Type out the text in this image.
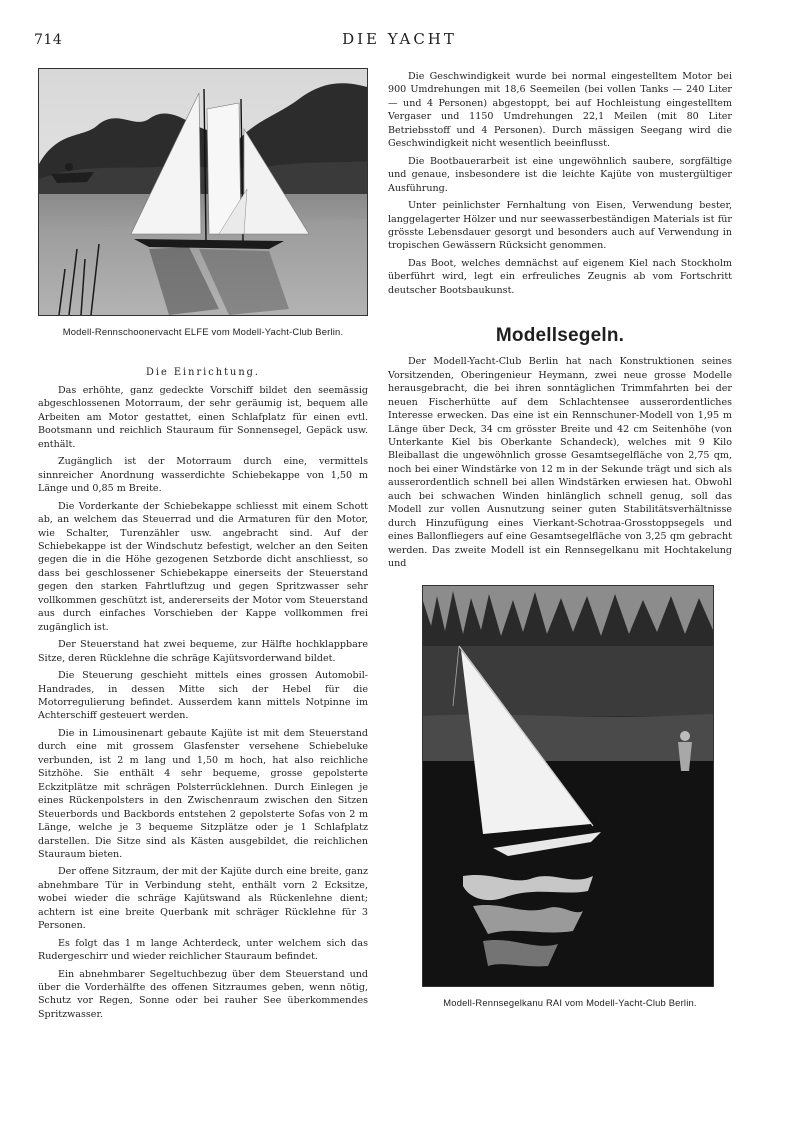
714	DIE YACHT
Modell-Rennschoonervacht ELFE vom Modell-Yacht-Club Berlin.
Die Einrichtung.

Das erhöhte, ganz gedeckte Vorschiff bildet den seemässig abgeschlossenen Motorraum, der sehr geräumig ist, bequem alle Arbeiten am Motor gestattet, einen Schlafplatz für einen evtl. Bootsmann und reichlich Stauraum für Sonnensegel, Gepäck usw. enthält.

Zugänglich ist der Motorraum durch eine, vermittels sinnreicher Anordnung wasserdichte Schiebekappe von 1,50 m Länge und 0,85 m Breite.

Die Vorderkante der Schiebekappe schliesst mit einem Schott ab, an welchem das Steuerrad und die Armaturen für den Motor, wie Schalter, Turenzähler usw. angebracht sind. Auf der Schiebekappe ist der Windschutz befestigt, welcher an den Seiten gegen die in die Höhe gezogenen Setzborde dicht anschliesst, so dass bei geschlossener Schiebekappe einerseits der Steuerstand gegen den starken Fahrtluftzug und gegen Spritzwasser sehr vollkommen geschützt ist, andererseits der Motor vom Steuerstand aus durch einfaches Vorschieben der Kappe vollkommen frei zugänglich ist.

Der Steuerstand hat zwei bequeme, zur Hälfte hochklappbare Sitze, deren Rücklehne die schräge Kajütsvorderwand bildet.

Die Steuerung geschieht mittels eines grossen Automobil-Handrades, in dessen Mitte sich der Hebel für die Motorregulierung befindet. Ausserdem kann mittels Notpinne im Achterschiff gesteuert werden.

Die in Limousinenart gebaute Kajüte ist mit dem Steuerstand durch eine mit grossem Glasfenster versehene Schiebeluke verbunden, ist 2 m lang und 1,50 m hoch, hat also reichliche Sitzhöhe. Sie enthält 4 sehr bequeme, grosse gepolsterte Eckzitplätze mit schrägen Polsterrücklehnen. Durch Einlegen je eines Rückenpolsters in den Zwischenraum zwischen den Sitzen Steuerbords und Backbords entstehen 2 gepolsterte Sofas von 2 m Länge, welche je 3 bequeme Sitzplätze oder je 1 Schlafplatz darstellen. Die Sitze sind als Kästen ausgebildet, die reichlichen Stauraum bieten.

Der offene Sitzraum, der mit der Kajüte durch eine breite, ganz abnehmbare Tür in Verbindung steht, enthält vorn 2 Ecksitze, wobei wieder die schräge Kajütswand als Rückenlehne dient; achtern ist eine breite Querbank mit schräger Rücklehne für 3 Personen.

Es folgt das 1 m lange Achterdeck, unter welchem sich das Rudergeschirr und wieder reichlicher Stauraum befindet.

Ein abnehmbarer Segeltuchbezug über dem Steuerstand und über die Vorderhälfte des offenen Sitzraumes geben, wenn nötig, Schutz vor Regen, Sonne oder bei rauher See überkommendes Spritzwasser.

Die Geschwindigkeit wurde bei normal eingestelltem Motor bei 900 Umdrehungen mit 18,6 Seemeilen (bei vollen Tanks — 240 Liter — und 4 Personen) abgestoppt, bei auf Hochleistung eingestelltem Vergaser und 1150 Umdrehungen 22,1 Meilen (mit 80 Liter Betriebsstoff und 4 Personen). Durch mässigen Seegang wird die Geschwindigkeit nicht wesentlich beeinflusst.

Die Bootbauerarbeit ist eine ungewöhnlich saubere, sorgfältige und genaue, insbesondere ist die leichte Kajüte von mustergültiger Ausführung.

Unter peinlichster Fernhaltung von Eisen, Verwendung bester, langgelagerter Hölzer und nur seewasserbeständigen Materials ist für grösste Lebensdauer gesorgt und besonders auch auf Verwendung in tropischen Gewässern Rücksicht genommen.

Das Boot, welches demnächst auf eigenem Kiel nach Stockholm überführt wird, legt ein erfreuliches Zeugnis ab vom Fortschritt deutscher Bootsbaukunst.

Modellsegeln.

Der Modell-Yacht-Club Berlin hat nach Konstruktionen seines Vorsitzenden, Oberingenieur Heymann, zwei neue grosse Modelle herausgebracht, die bei ihren sonntäglichen Trimmfahrten bei der neuen Fischerhütte auf dem Schlachtensee ausserordentliches Interesse erwecken. Das eine ist ein Rennschuner-Modell von 1,95 m Länge über Deck, 34 cm grösster Breite und 42 cm Seitenhöhe (von Unterkante Kiel bis Oberkante Schandeck), welches mit 9 Kilo Bleiballast die ungewöhnlich grosse Gesamtsegelfläche von 2,75 qm, noch bei einer Windstärke von 12 m in der Sekunde trägt und sich als ausserordentlich schnell bei allen Windstärken erwiesen hat. Obwohl auch bei schwachen Winden hinlänglich schnell genug, soll das Modell zur vollen Ausnutzung seiner guten Stabilitätsverhältnisse durch Hinzufügung eines Vierkant-Schotraa-Grosstoppsegels und eines Ballonfliegers auf eine Gesamtsegelfläche von 3,25 qm gebracht werden. Das zweite Modell ist ein Rennsegelkanu mit Hochtakelung und

Modell-Rennsegelkanu RAI vom Modell-Yacht-Club Berlin.
